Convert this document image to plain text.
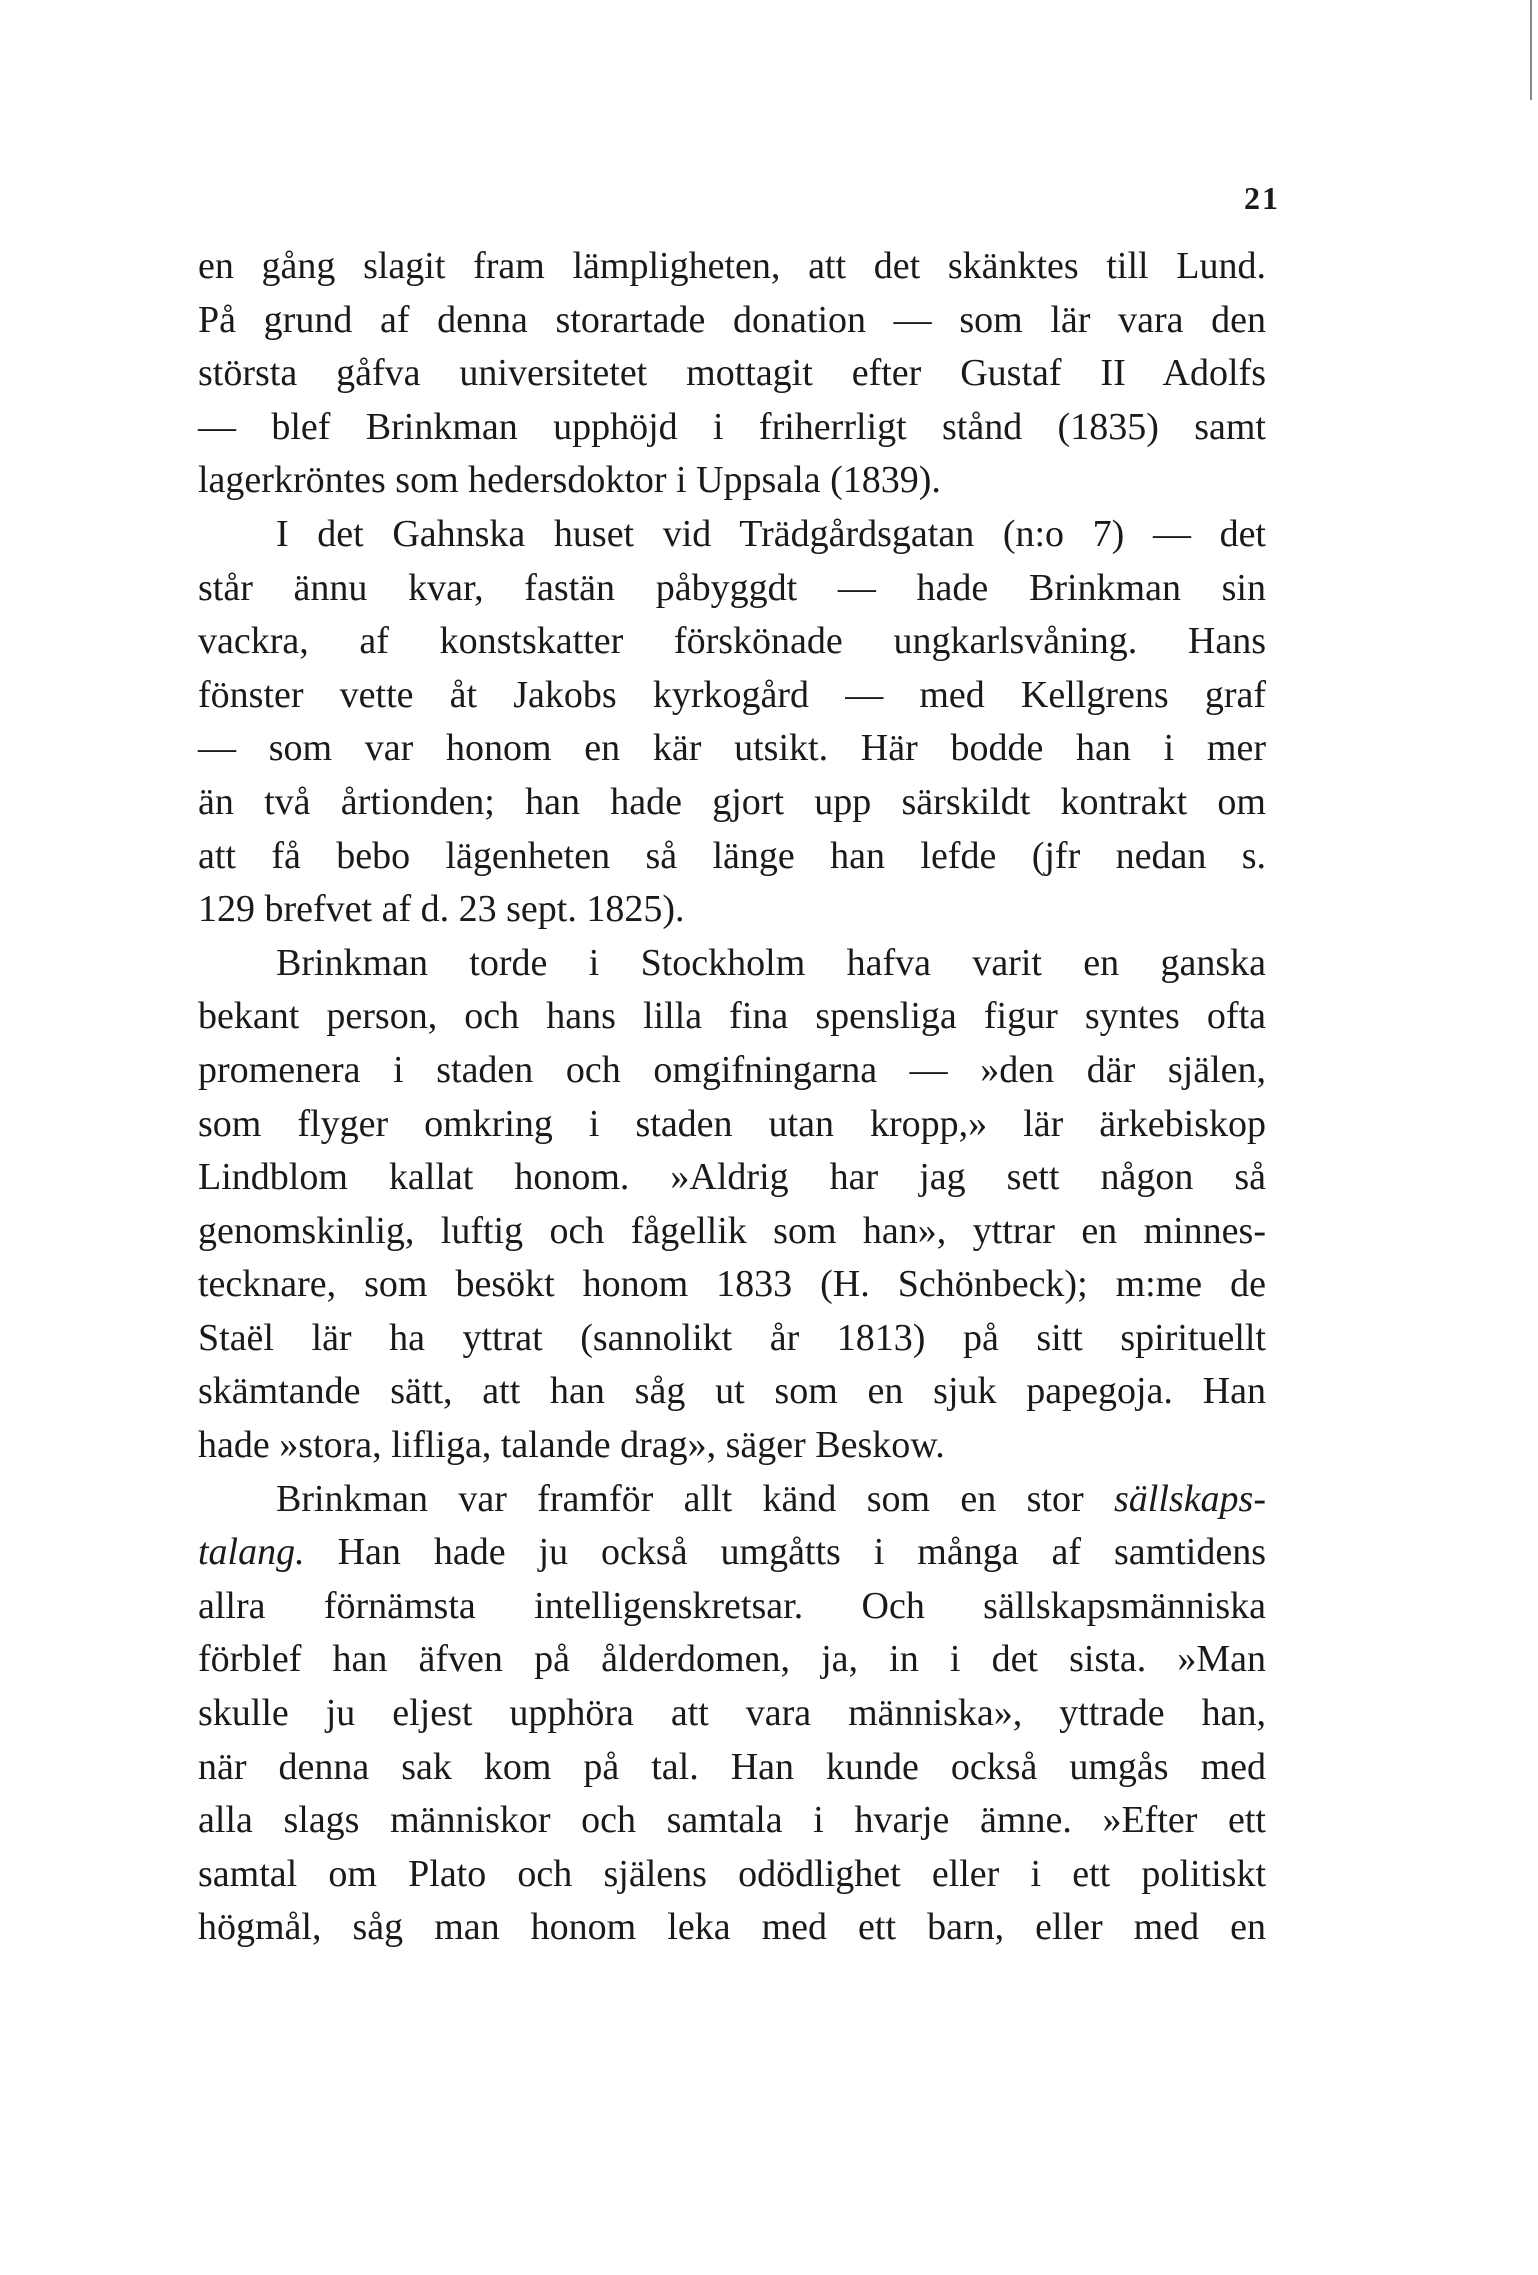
21
en gång slagit fram lämpligheten, att det skänktes till Lund.
På grund af denna storartade donation — som lär vara den
största gåfva universitetet mottagit efter Gustaf II Adolfs
— blef Brinkman upphöjd i friherrligt stånd (1835) samt
lagerkröntes som hedersdoktor i Uppsala (1839).
I det Gahnska huset vid Trädgårdsgatan (n:o 7) — det
står ännu kvar, fastän påbyggdt — hade Brinkman sin
vackra, af konstskatter förskönade ungkarlsvåning. Hans
fönster vette åt Jakobs kyrkogård — med Kellgrens graf
— som var honom en kär utsikt. Här bodde han i mer
än två årtionden; han hade gjort upp särskildt kontrakt om
att få bebo lägenheten så länge han lefde (jfr nedan s.
129 brefvet af d. 23 sept. 1825).
Brinkman torde i Stockholm hafva varit en ganska
bekant person, och hans lilla fina spensliga figur syntes ofta
promenera i staden och omgifningarna — »den där själen,
som flyger omkring i staden utan kropp,» lär ärkebiskop
Lindblom kallat honom. »Aldrig har jag sett någon så
genomskinlig, luftig och fågellik som han», yttrar en minnes-
tecknare, som besökt honom 1833 (H. Schönbeck); m:me de
Staël lär ha yttrat (sannolikt år 1813) på sitt spirituellt
skämtande sätt, att han såg ut som en sjuk papegoja. Han
hade »stora, lifliga, talande drag», säger Beskow.
Brinkman var framför allt känd som en stor sällskaps-
talang. Han hade ju också umgåtts i många af samtidens
allra förnämsta intelligenskretsar. Och sällskapsmänniska
förblef han äfven på ålderdomen, ja, in i det sista. »Man
skulle ju eljest upphöra att vara människa», yttrade han,
när denna sak kom på tal. Han kunde också umgås med
alla slags människor och samtala i hvarje ämne. »Efter ett
samtal om Plato och själens odödlighet eller i ett politiskt
högmål, såg man honom leka med ett barn, eller med en
